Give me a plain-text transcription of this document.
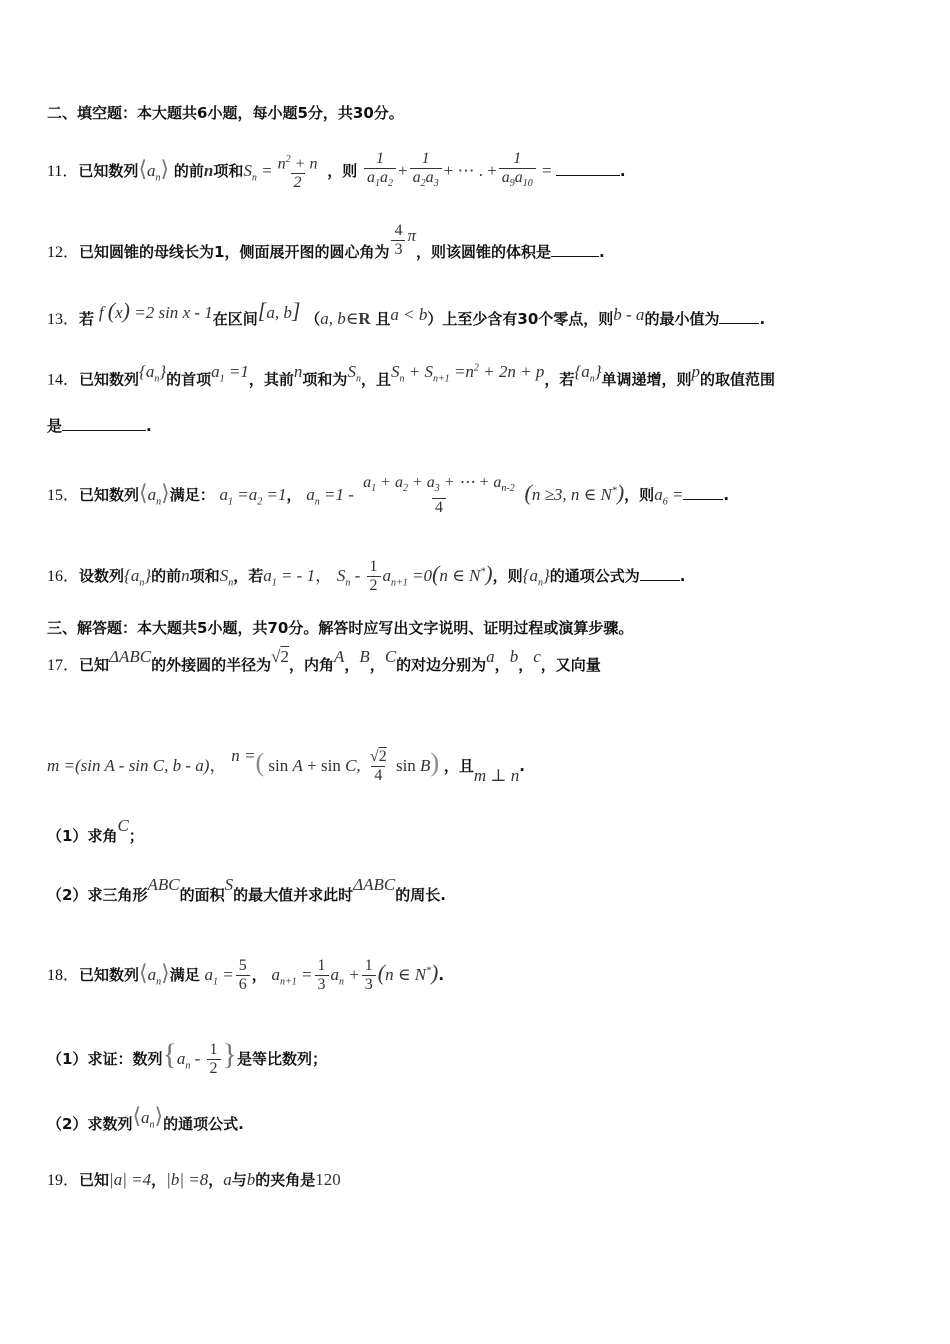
二、填空题：本大题共6小题，每小题5分，共30分。
11．已知数列$⟨a_n⟩$ 的前n项和$S_n = \frac{n^2 + n}{2}$ ，则 $\frac{1}{a_1a_2} + \frac{1}{a_2a_3}$ + ⋯ . + $\frac{1}{a_9a_{10}}$ =	.
12．已知圆锥的母线长为1，侧面展开图的圆心角为 $\frac{4}{3}$ π，则该圆锥的体积是	.
13．若 f (x) =2 sin x - 1在区间[a, b] （a, b∈R 且a < b）上至少含有30个零点，则b - a的最小值为	.
14．已知数列$\{a_n\}$的首项$a_1 =1$，其前n项和为$S_n$，且$S_n + S_{n+1} =n^2 + 2n + p$，若$\{a_n\}$单调递增，则p的取值范围
是	.
15．已知数列$⟨a_n⟩$满足： $a_1 =a_2 =1$， $a_n =1 - \frac{a_1 + a_2 + a_3 + \cdots + a_{n-2}}{4} (n \ge 3$, n ∈ N*)，则$a_6$ =	.
16．设数列$\{a_n\}$的前n项和$S_n$，若$a_1$ = - 1， $S_n - \frac{1}{2} a_{n+1} =0(n$ ∈ N*)，则$\{a_n\}$的通项公式为	.
三、解答题：本大题共5小题，共70分。解答时应写出文字说明、证明过程或演算步骤。
17．已知ΔABC的外接圆的半径为√2，内角A，B，C的对边分别为a，b，c，又向量
m =(sin A - sin C, b - a)， n =( sin A + sin C, $\frac{√2}{4}$ sin B) ，且m ⊥ n.
（1）求角C；
（2）求三角形ABC的面积S的最大值并求此时ΔABC的周长.
18．已知数列$⟨a_n⟩$满足 $a_1 = \frac{5}{6}$ ， $a_{n+1} = \frac{1}{3} a_n + \frac{1}{3} (n$ ∈ N*).
（1）求证：数列{$a_n - \frac{1}{2}$ }是等比数列；
（2）求数列$⟨a_n⟩$的通项公式.
19．已知|a| =4，|b| =8，a与b的夹角是120
